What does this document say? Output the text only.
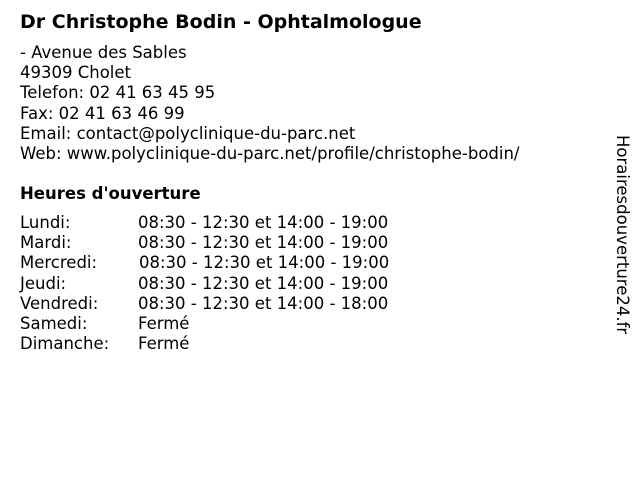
Dr Christophe Bodin - Ophtalmologue
- Avenue des Sables
49309 Cholet
Telefon: 02 41 63 45 95
Fax: 02 41 63 46 99
Email: contact@polyclinique-du-parc.net
Web: www.polyclinique-du-parc.net/profile/christophe-bodin/
Heures d'ouverture
Lundi:	08:30 - 12:30 et 14:00 - 19:00
Mardi:	08:30 - 12:30 et 14:00 - 19:00
Mercredi:	08:30 - 12:30 et 14:00 - 19:00
Jeudi:	08:30 - 12:30 et 14:00 - 19:00
Vendredi: 08:30 - 12:30 et 14:00 - 18:00
Samedi:	Fermé
Dimanche: Fermé
Horairesdouverture24.fr
